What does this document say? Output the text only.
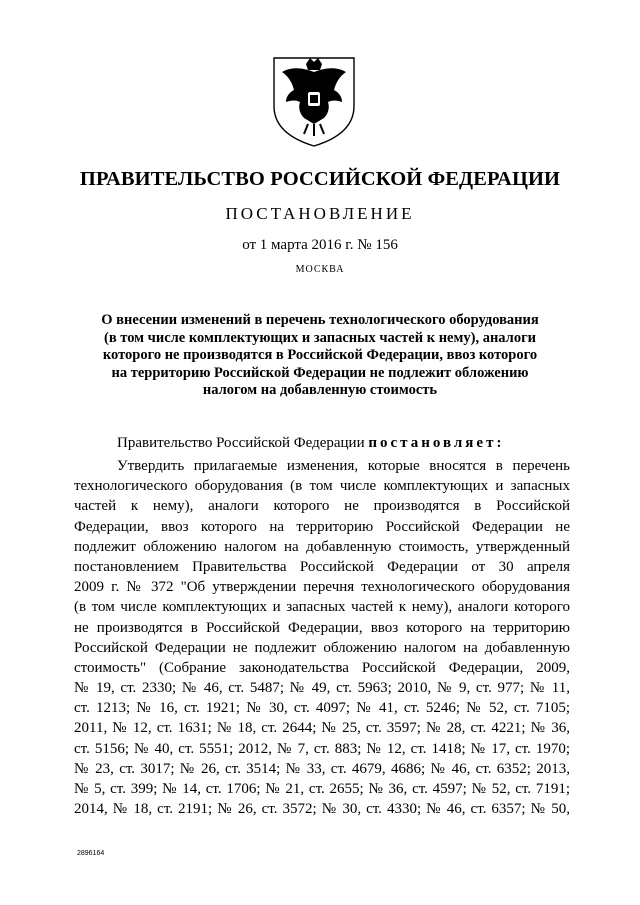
ПРАВИТЕЛЬСТВО РОССИЙСКОЙ ФЕДЕРАЦИИ
ПОСТАНОВЛЕНИЕ
от 1 марта 2016 г. № 156
МОСКВА
О внесении изменений в перечень технологического оборудования
(в том числе комплектующих и запасных частей к нему), аналоги
которого не производятся в Российской Федерации, ввоз которого
на территорию Российской Федерации не подлежит обложению
налогом на добавленную стоимость
Правительство Российской Федерации постановляет:
Утвердить прилагаемые изменения, которые вносятся в перечень
технологического оборудования (в том числе комплектующих и запасных
частей к нему), аналоги которого не производятся в Российской
Федерации, ввоз которого на территорию Российской Федерации не
подлежит обложению налогом на добавленную стоимость, утвержденный
постановлением Правительства Российской Федерации от 30 апреля
2009 г. № 372 "Об утверждении перечня технологического оборудования
(в том числе комплектующих и запасных частей к нему), аналоги которого
не производятся в Российской Федерации, ввоз которого на территорию
Российской Федерации не подлежит обложению налогом на добавленную
стоимость" (Собрание законодательства Российской Федерации, 2009,
№ 19, ст. 2330; № 46, ст. 5487; № 49, ст. 5963; 2010, № 9, ст. 977; № 11,
ст. 1213; № 16, ст. 1921; № 30, ст. 4097; № 41, ст. 5246; № 52, ст. 7105;
2011, № 12, ст. 1631; № 18, ст. 2644; № 25, ст. 3597; № 28, ст. 4221; № 36,
ст. 5156; № 40, ст. 5551; 2012, № 7, ст. 883; № 12, ст. 1418; № 17, ст. 1970;
№ 23, ст. 3017; № 26, ст. 3514; № 33, ст. 4679, 4686; № 46, ст. 6352; 2013,
№ 5, ст. 399; № 14, ст. 1706; № 21, ст. 2655; № 36, ст. 4597; № 52, ст. 7191;
2014, № 18, ст. 2191; № 26, ст. 3572; № 30, ст. 4330; № 46, ст. 6357; № 50,
2896164
